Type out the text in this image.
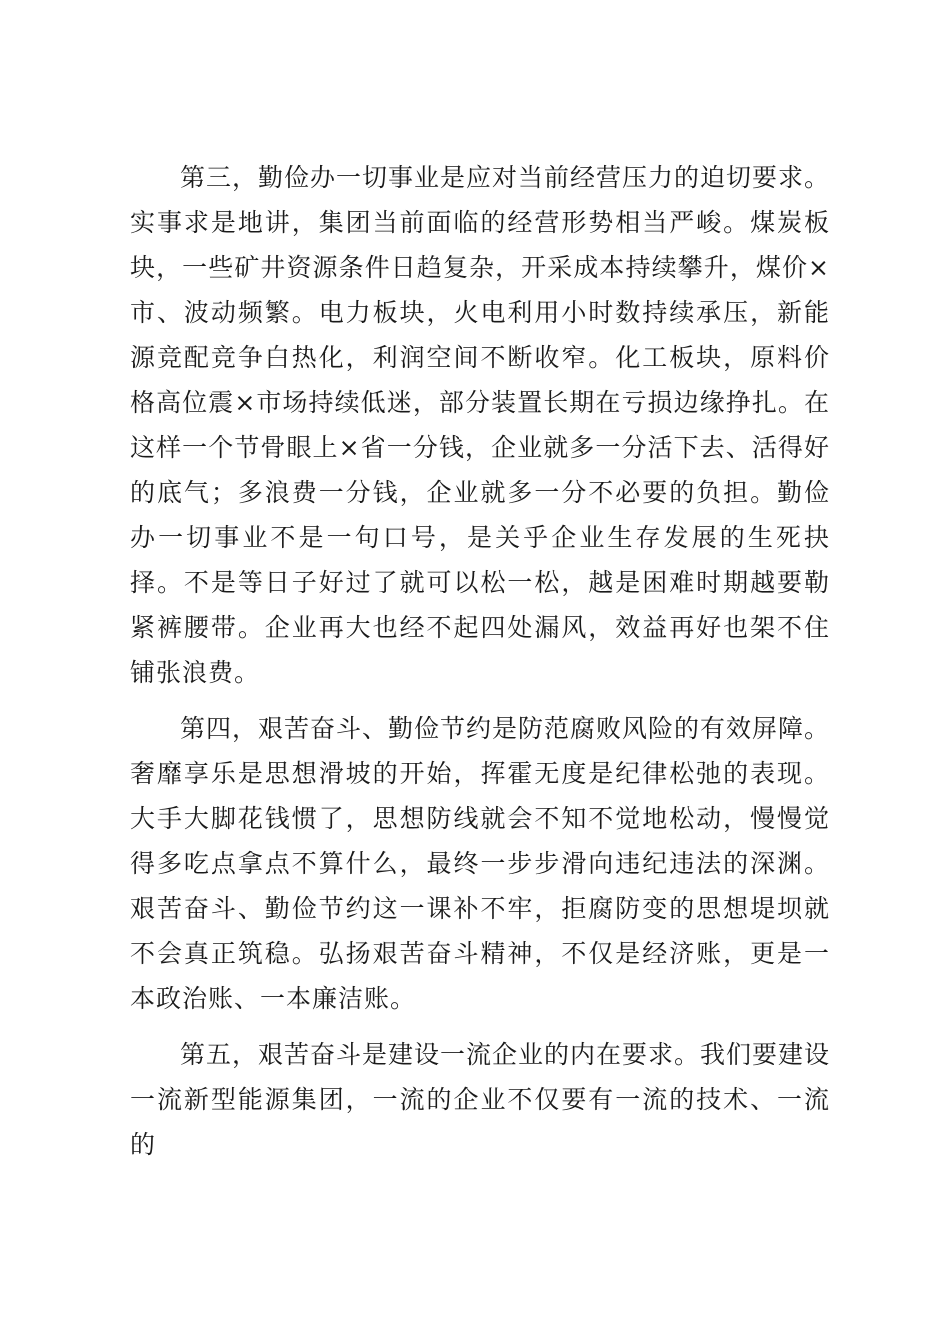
第三，勤俭办一切事业是应对当前经营压力的迫切要求。实事求是地讲，集团当前面临的经营形势相当严峻。煤炭板块，一些矿井资源条件日趋复杂，开采成本持续攀升，煤价×市、波动频繁。电力板块，火电利用小时数持续承压，新能源竞配竞争白热化，利润空间不断收窄。化工板块，原料价格高位震×市场持续低迷，部分装置长期在亏损边缘挣扎。在这样一个节骨眼上×省一分钱，企业就多一分活下去、活得好的底气；多浪费一分钱，企业就多一分不必要的负担。勤俭办一切事业不是一句口号，是关乎企业生存发展的生死抉择。不是等日子好过了就可以松一松，越是困难时期越要勒紧裤腰带。企业再大也经不起四处漏风，效益再好也架不住铺张浪费。

第四，艰苦奋斗、勤俭节约是防范腐败风险的有效屏障。奢靡享乐是思想滑坡的开始，挥霍无度是纪律松弛的表现。大手大脚花钱惯了，思想防线就会不知不觉地松动，慢慢觉得多吃点拿点不算什么，最终一步步滑向违纪违法的深渊。艰苦奋斗、勤俭节约这一课补不牢，拒腐防变的思想堤坝就不会真正筑稳。弘扬艰苦奋斗精神，不仅是经济账，更是一本政治账、一本廉洁账。

第五，艰苦奋斗是建设一流企业的内在要求。我们要建设一流新型能源集团，一流的企业不仅要有一流的技术、一流的
